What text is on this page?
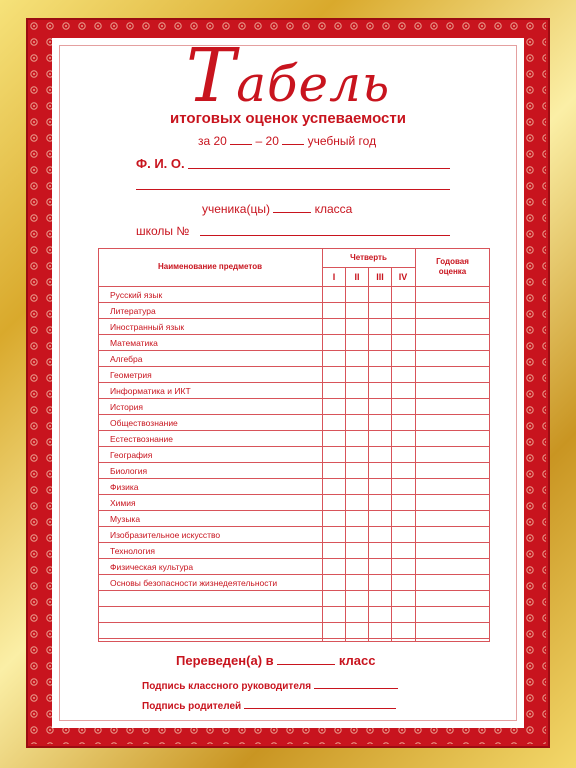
Табель
итоговых оценок успеваемости
за 20 – 20 учебный год
Ф. И. О.
ученика(цы)	класса
школы №
Наименование предметов
Четверть	Годовая
оценка
I	II	III	IV
Русский язык
Литература
Иностранный язык
Математика
Алгебра
Геометрия
Информатика и ИКТ
История
Обществознание
Естествознание
География
Биология
Физика
Химия
Музыка
Изобразительное искусство
Технология
Физическая культура
Основы безопасности жизнедеятельности
Переведен(а) в	класс
Подпись классного руководителя
Подпись родителей
